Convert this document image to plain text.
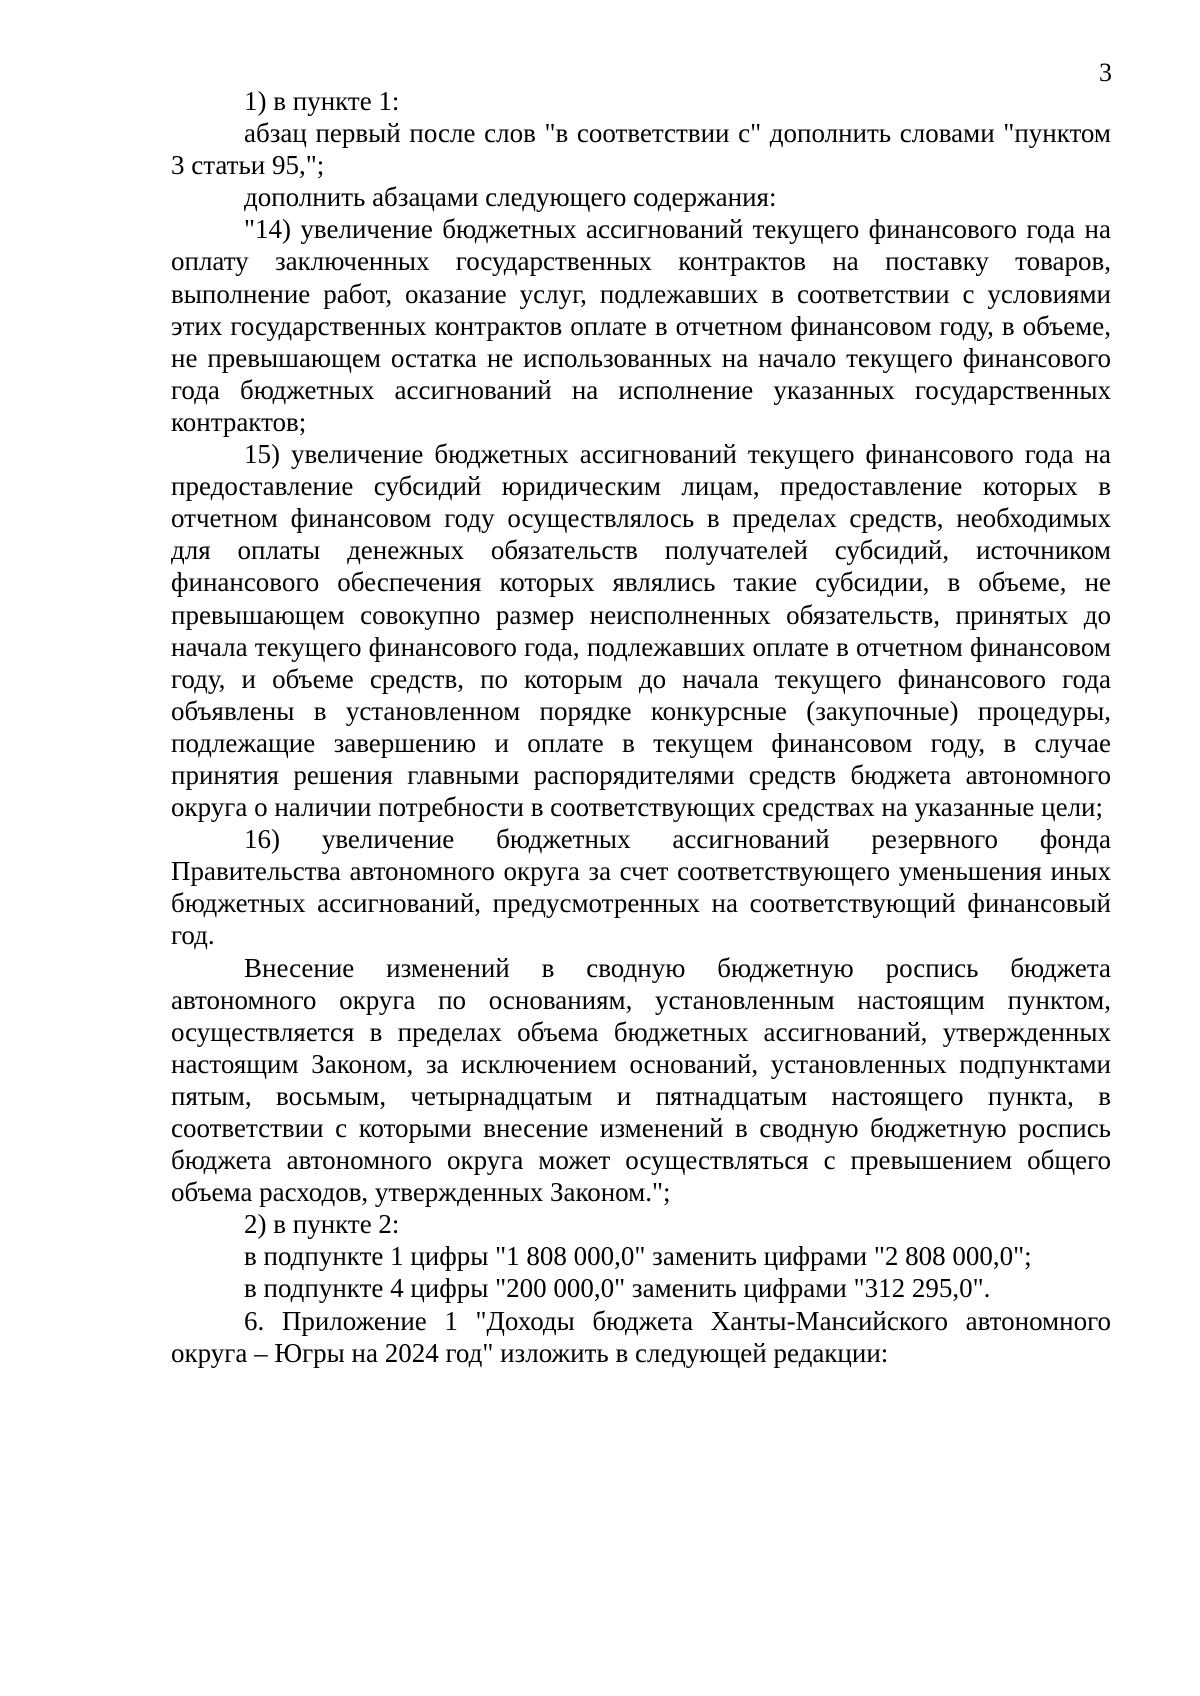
3

1) в пункте 1:

абзац первый после слов "в соответствии с" дополнить словами "пунктом 3 статьи 95,";

дополнить абзацами следующего содержания:

"14) увеличение бюджетных ассигнований текущего финансового года на оплату заключенных государственных контрактов на поставку товаров, выполнение работ, оказание услуг, подлежавших в соответствии с условиями этих государственных контрактов оплате в отчетном финансовом году, в объеме, не превышающем остатка не использованных на начало текущего финансового года бюджетных ассигнований на исполнение указанных государственных контрактов;

15) увеличение бюджетных ассигнований текущего финансового года на предоставление субсидий юридическим лицам, предоставление которых в отчетном финансовом году осуществлялось в пределах средств, необходимых для оплаты денежных обязательств получателей субсидий, источником финансового обеспечения которых являлись такие субсидии, в объеме, не превышающем совокупно размер неисполненных обязательств, принятых до начала текущего финансового года, подлежавших оплате в отчетном финансовом году, и объеме средств, по которым до начала текущего финансового года объявлены в установленном порядке конкурсные (закупочные) процедуры, подлежащие завершению и оплате в текущем финансовом году, в случае принятия решения главными распорядителями средств бюджета автономного округа о наличии потребности в соответствующих средствах на указанные цели;

16) увеличение бюджетных ассигнований резервного фонда Правительства автономного округа за счет соответствующего уменьшения иных бюджетных ассигнований, предусмотренных на соответствующий финансовый год.

Внесение изменений в сводную бюджетную роспись бюджета автономного округа по основаниям, установленным настоящим пунктом, осуществляется в пределах объема бюджетных ассигнований, утвержденных настоящим Законом, за исключением оснований, установленных подпунктами пятым, восьмым, четырнадцатым и пятнадцатым настоящего пункта, в соответствии с которыми внесение изменений в сводную бюджетную роспись бюджета автономного округа может осуществляться с превышением общего объема расходов, утвержденных Законом.";

2) в пункте 2:

в подпункте 1 цифры "1 808 000,0" заменить цифрами "2 808 000,0";

в подпункте 4 цифры "200 000,0" заменить цифрами "312 295,0".

6. Приложение 1 "Доходы бюджета Ханты-Мансийского автономного округа – Югры на 2024 год" изложить в следующей редакции:
